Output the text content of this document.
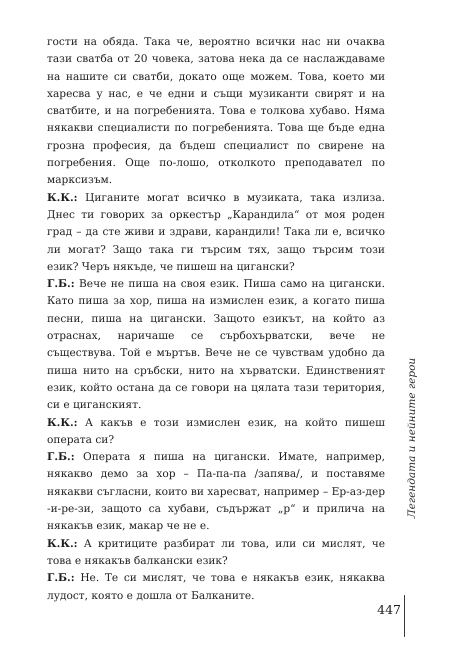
гости на обяда. Така че, вероятно всички нас ни очаква тази сватба от 20 човека, затова нека да се наслаждаваме на нашите си сватби, докато още можем. Това, което ми харесва у нас, е че едни и същи музиканти свирят и на сватбите, и на погребенията. Това е толкова хубаво. Няма някакви специалисти по погребенията. Това ще бъде една грозна професия, да бъдеш специалист по свирене на погребения. Още по-лошо, отколкото преподавател по марксизъм.

К.К.: Циганите могат всичко в музиката, така излиза. Днес ти говорих за оркестър „Карандила“ от моя роден град – да сте живи и здрави, карандили! Така ли е, всичко ли могат? Защо така ги търсим тях, защо търсим този език? Черъ някъде, че пишеш на цигански?

Г.Б.: Вече не пиша на своя език. Пиша само на цигански. Като пиша за хор, пиша на измислен език, а когато пиша песни, пиша на цигански. Защото езикът, на който аз отраснах, наричаше се сърбохърватски, вече не съществува. Той е мъртъв. Вече не се чувствам удобно да пиша нито на сръбски, нито на хърватски. Единственият език, който остана да се говори на цялата тази територия, си е циганският.

К.К.: А какъв е този измислен език, на който пишеш операта си?

Г.Б.: Операта я пиша на цигански. Имате, например, някакво демо за хор – Па-па-па /запява/, и поставяме някакви съгласни, които ви харесват, например – Ер-аз-дер -и-ре-зи, защото са хубави, съдържат „р“ и прилича на някакъв език, макар че не е.

К.К.: А критиците разбират ли това, или си мислят, че това е някакъв балкански език?

Г.Б.: Не. Те си мислят, че това е някакъв език, някаква лудост, която е дошла от Балканите.

Легендата и нейните герои
447
